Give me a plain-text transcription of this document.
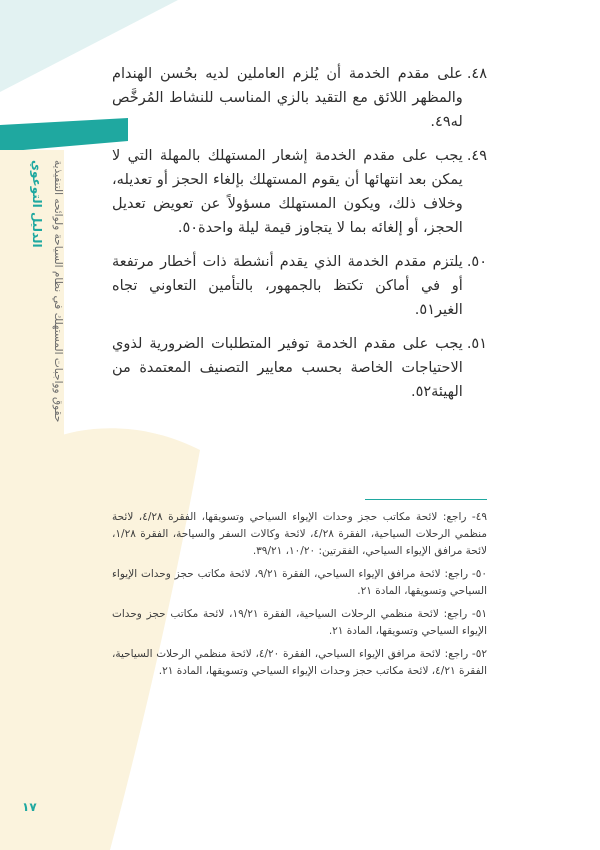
الدليل التوعوي حقوق وواجبات المستهلك في نظام السياحة ولوائحه التنفيذية
٤٨.
على مقدم الخدمة أن يُلزم العاملين لديه بحُسن الهندام والمظهر اللائق مع التقيد بالزي المناسب للنشاط المُرخَّص له٤٩.
٤٩.
يجب على مقدم الخدمة إشعار المستهلك بالمهلة التي لا يمكن بعد انتهائها أن يقوم المستهلك بإلغاء الحجز أو تعديله، وخلاف ذلك، ويكون المستهلك مسؤولاً عن تعويض تعديل الحجز، أو إلغائه بما لا يتجاوز قيمة ليلة واحدة٥٠.
٥٠.
يلتزم مقدم الخدمة الذي يقدم أنشطة ذات أخطار مرتفعة أو في أماكن تكتظ بالجمهور، بالتأمين التعاوني تجاه الغير٥١.
٥١.
يجب على مقدم الخدمة توفير المتطلبات الضرورية لذوي الاحتياجات الخاصة بحسب معايير التصنيف المعتمدة من الهيئة٥٢.
٤٩- راجع: لائحة مكاتب حجز وحدات الإيواء السياحي وتسويقها، الفقرة ٤/٢٨، لائحة منظمي الرحلات السياحية، الفقرة ٤/٢٨، لائحة وكالات السفر والسياحة، الفقرة ١/٢٨، لائحة مرافق الإيواء السياحي، الفقرتين: ١٠/٢٠، ٣٩/٢١.
٥٠- راجع: لائحة مرافق الإيواء السياحي، الفقرة ٩/٢١، لائحة مكاتب حجز وحدات الإيواء السياحي وتسويقها، المادة ٢١.
٥١- راجع: لائحة منظمي الرحلات السياحية، الفقرة ١٩/٢١، لائحة مكاتب حجز وحدات الإيواء السياحي وتسويقها، المادة ٢١.
٥٢- راجع: لائحة مرافق الإيواء السياحي، الفقرة ٤/٢٠، لائحة منظمي الرحلات السياحية، الفقرة ٤/٢١، لائحة مكاتب حجز وحدات الإيواء السياحي وتسويقها، المادة ٢١.
١٧
